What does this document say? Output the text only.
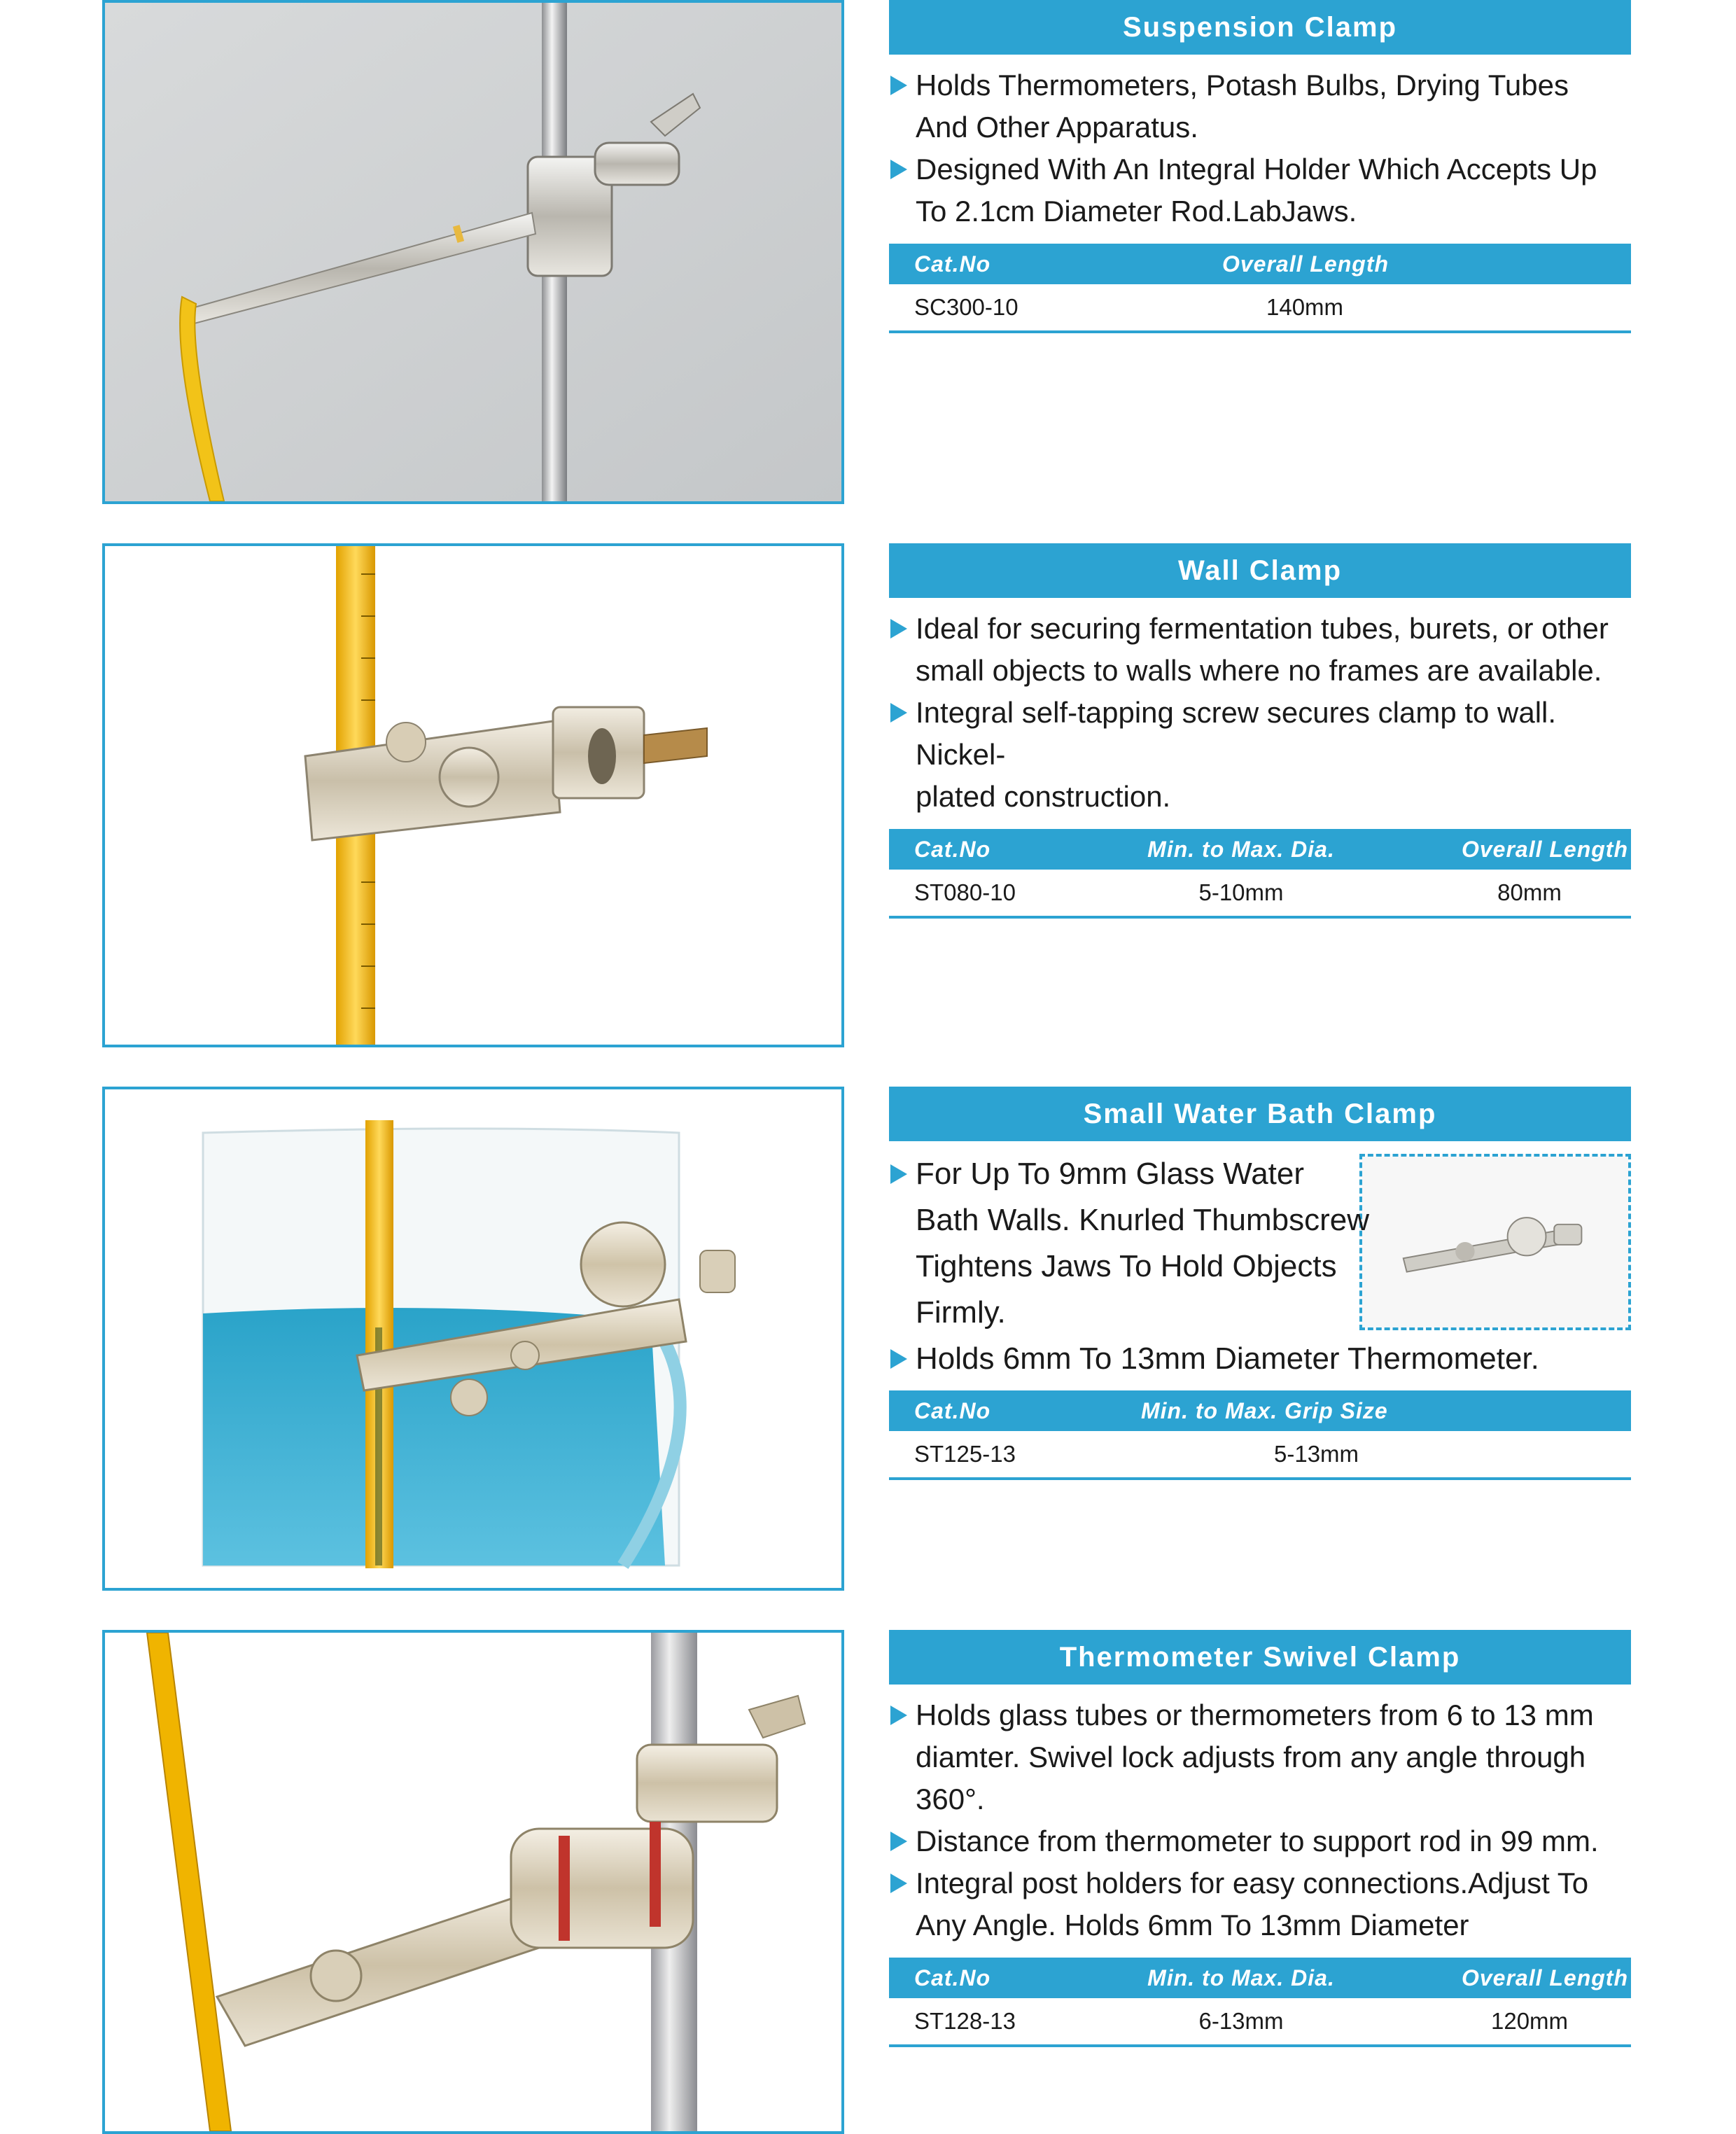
Suspension Clamp
Holds Thermometers, Potash Bulbs, Drying Tubes
And Other Apparatus.
Designed With An Integral Holder Which Accepts Up
To 2.1cm Diameter Rod.LabJaws.
Cat.No	Overall Length
SC300-10	140mm
Wall Clamp
Ideal for securing fermentation tubes, burets, or other
small objects to walls where no frames are available.
Integral self-tapping screw secures clamp to wall. Nickel-
plated construction.
Cat.No	Min. to Max. Dia.	Overall Length
ST080-10	5-10mm	80mm
Small Water Bath Clamp
For Up To 9mm Glass Water
Bath Walls. Knurled Thumbscrew
Tightens Jaws To Hold Objects
Firmly.
Holds 6mm To 13mm Diameter Thermometer.
Cat.No	Min. to Max. Grip Size
ST125-13	5-13mm
Thermometer Swivel Clamp
Holds glass tubes or thermometers from 6 to 13 mm
diamter. Swivel lock adjusts from any angle through
360°.
Distance from thermometer to support rod in 99 mm.
Integral post holders for easy connections.Adjust To
Any Angle. Holds 6mm To 13mm Diameter
Cat.No	Min. to Max. Dia.	Overall Length
ST128-13	6-13mm	120mm
